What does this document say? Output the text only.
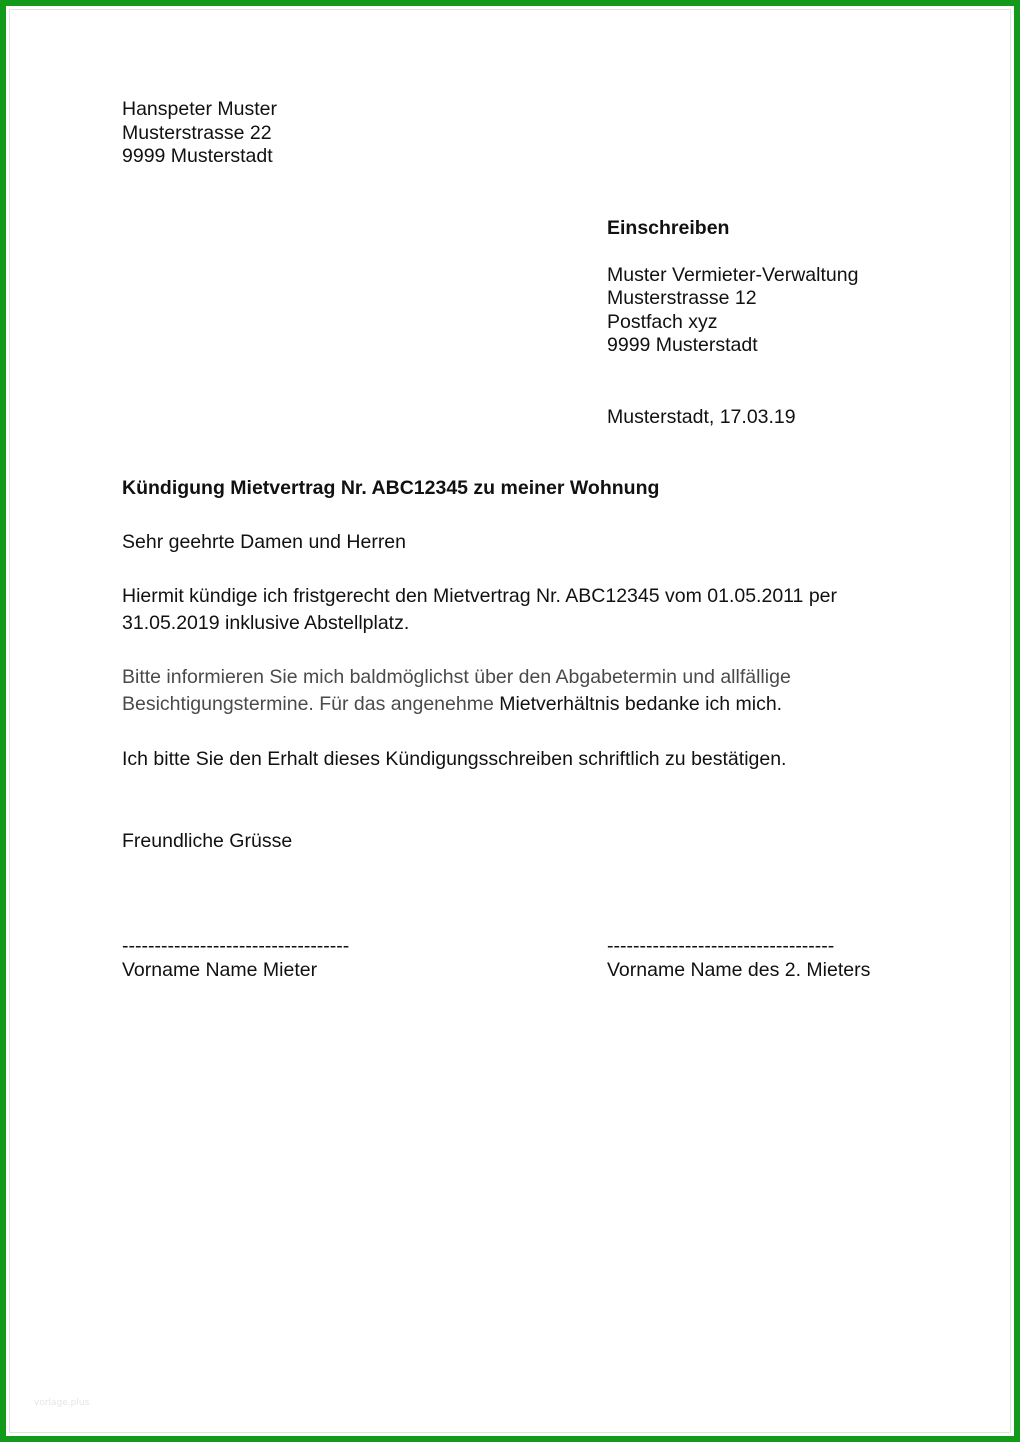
Hanspeter Muster

Musterstrasse 22

9999 Musterstadt

Einschreiben

Muster Vermieter-Verwaltung

Musterstrasse 12

Postfach xyz

9999 Musterstadt

Musterstadt, 17.03.19

Kündigung Mietvertrag Nr. ABC12345 zu meiner Wohnung

Sehr geehrte Damen und Herren

Hiermit kündige ich fristgerecht den Mietvertrag Nr. ABC12345 vom 01.05.2011 per

31.05.2019 inklusive Abstellplatz.

Bitte informieren Sie mich baldmöglichst über den Abgabetermin und allfällige

Besichtigungstermine. Für das angenehme Mietverhältnis bedanke ich mich.

Ich bitte Sie den Erhalt dieses Kündigungsschreiben schriftlich zu bestätigen.

Freundliche Grüsse

-----------------------------------

Vorname Name Mieter

-----------------------------------

Vorname Name des 2. Mieters

vorlage.plus
